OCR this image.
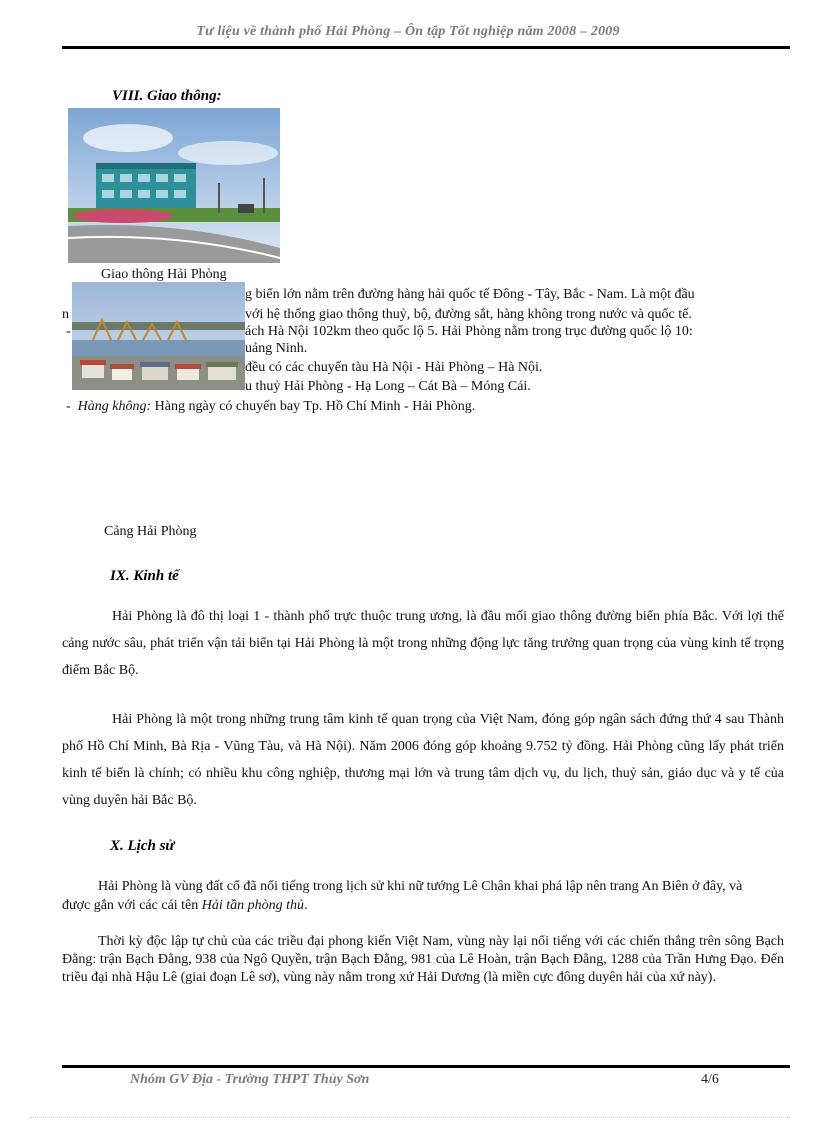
Tư liệu về thành phố Hải Phòng – Ôn tập Tốt nghiệp năm 2008 – 2009
VIII. Giao thông:
Giao thông Hải Phòng
g biển lớn nằm trên đường hàng hải quốc tế Đông - Tây, Bắc - Nam. Là một đầu
n	với hệ thống giao thông thuỷ, bộ, đường sắt, hàng không trong nước và quốc tế.
-	ách Hà Nội 102km theo quốc lộ 5. Hải Phòng nằm trong trục đường quốc lộ 10:
uảng Ninh.
đều có các chuyến tàu Hà Nội - Hải Phòng – Hà Nội.
u thuỷ Hải Phòng - Hạ Long – Cát Bà – Móng Cái.
-  Hàng không: Hàng ngày có chuyến bay Tp. Hồ Chí Minh - Hải Phòng.
Cảng Hải Phòng
IX. Kinh tế
Hải Phòng là đô thị loại 1 - thành phố trực thuộc trung ương, là đầu mối giao thông đường biển phía Bắc. Với lợi thế cảng nước sâu, phát triển vận tải biển tại Hải Phòng là một trong những động lực tăng trưởng quan trọng của vùng kinh tế trọng điểm Bắc Bộ.
Hải Phòng là một trong những trung tâm kinh tế quan trọng của Việt Nam, đóng góp ngân sách đứng thứ 4 sau Thành phố Hồ Chí Minh, Bà Rịa - Vũng Tàu, và Hà Nội). Năm 2006 đóng góp khoảng 9.752 tỷ đồng. Hải Phòng cũng lấy phát triển kinh tế biển là chính; có nhiều khu công nghiệp, thương mại lớn và trung tâm dịch vụ, du lịch, thuỷ sản, giáo dục và y tế của vùng duyên hải Bắc Bộ.
X. Lịch sử
Hải Phòng là vùng đất cổ đã nổi tiếng trong lịch sử khi nữ tướng Lê Chân khai phá lập nên trang An Biên ở đây, và được gắn với các cái tên Hải tần phòng thủ.
Thời kỳ độc lập tự chủ của các triều đại phong kiến Việt Nam, vùng này lại nổi tiếng với các chiến thắng trên sông Bạch Đằng: trận Bạch Đằng, 938 của Ngô Quyền, trận Bạch Đằng, 981 của Lê Hoàn, trận Bạch Đằng, 1288 của Trần Hưng Đạo. Đến triều đại nhà Hậu Lê (giai đoạn Lê sơ), vùng này nằm trong xứ Hải Dương (là miền cực đông duyên hải của xứ này).
Nhóm GV Địa - Trường THPT Thủy Sơn	4/6
